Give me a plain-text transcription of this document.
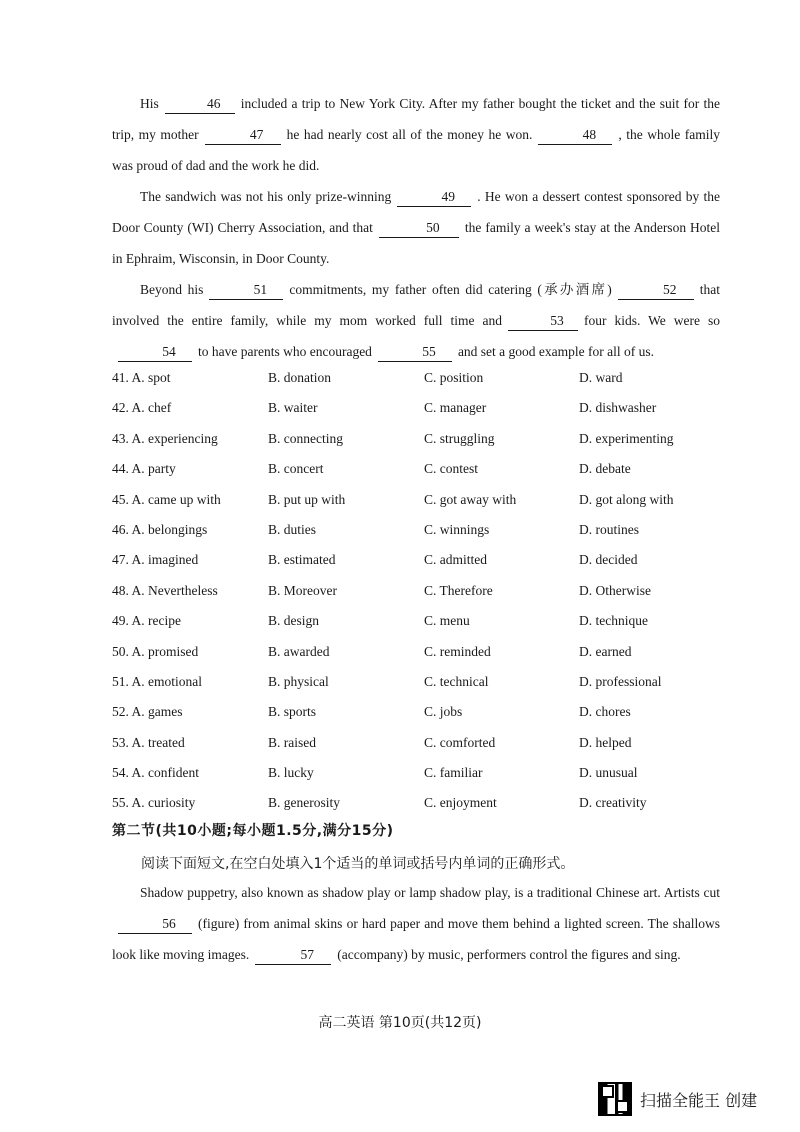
His	46 included a trip to New York City. After my father bought the ticket and the suit for the trip, my mother	47 he had nearly cost all of the money he won.	48 , the whole family was proud of dad and the work he did.

The sandwich was not his only prize-winning	49 . He won a dessert contest sponsored by the Door County (WI) Cherry Association, and that	50 the family a week's stay at the Anderson Hotel in Ephraim, Wisconsin, in Door County.

Beyond his	51 commitments, my father often did catering (承办酒席)	52 that involved the entire family, while my mom worked full time and	53 four kids. We were so54 to have parents who encouraged	55 and set a good example for all of us.

41. A. spot	B. donation	C. position	D. ward
42. A. chef	B. waiter	C. manager	D. dishwasher
43. A. experiencing	B. connecting	C. struggling	D. experimenting
44. A. party	B. concert	C. contest	D. debate
45. A. came up with	B. put up with	C. got away with	D. got along with
46. A. belongings	B. duties	C. winnings	D. routines
47. A. imagined	B. estimated	C. admitted	D. decided
48. A. Nevertheless	B. Moreover	C. Therefore	D. Otherwise
49. A. recipe	B. design	C. menu	D. technique
50. A. promised	B. awarded	C. reminded	D. earned
51. A. emotional	B. physical	C. technical	D. professional
52. A. games	B. sports	C. jobs	D. chores
53. A. treated	B. raised	C. comforted	D. helped
54. A. confident	B. lucky	C. familiar	D. unusual
55. A. curiosity	B. generosity	C. enjoyment	D. creativity
第二节(共10小题;每小题1.5分,满分15分)
阅读下面短文,在空白处填入1个适当的单词或括号内单词的正确形式。

Shadow puppetry, also known as shadow play or lamp shadow play, is a traditional Chinese art. Artists cut56 (figure) from animal skins or hard paper and move them behind a lighted screen. The shallows look like moving images.	57 (accompany) by music, performers control the figures and sing.

高二英语 第10页(共12页)
扫描全能王 创建
